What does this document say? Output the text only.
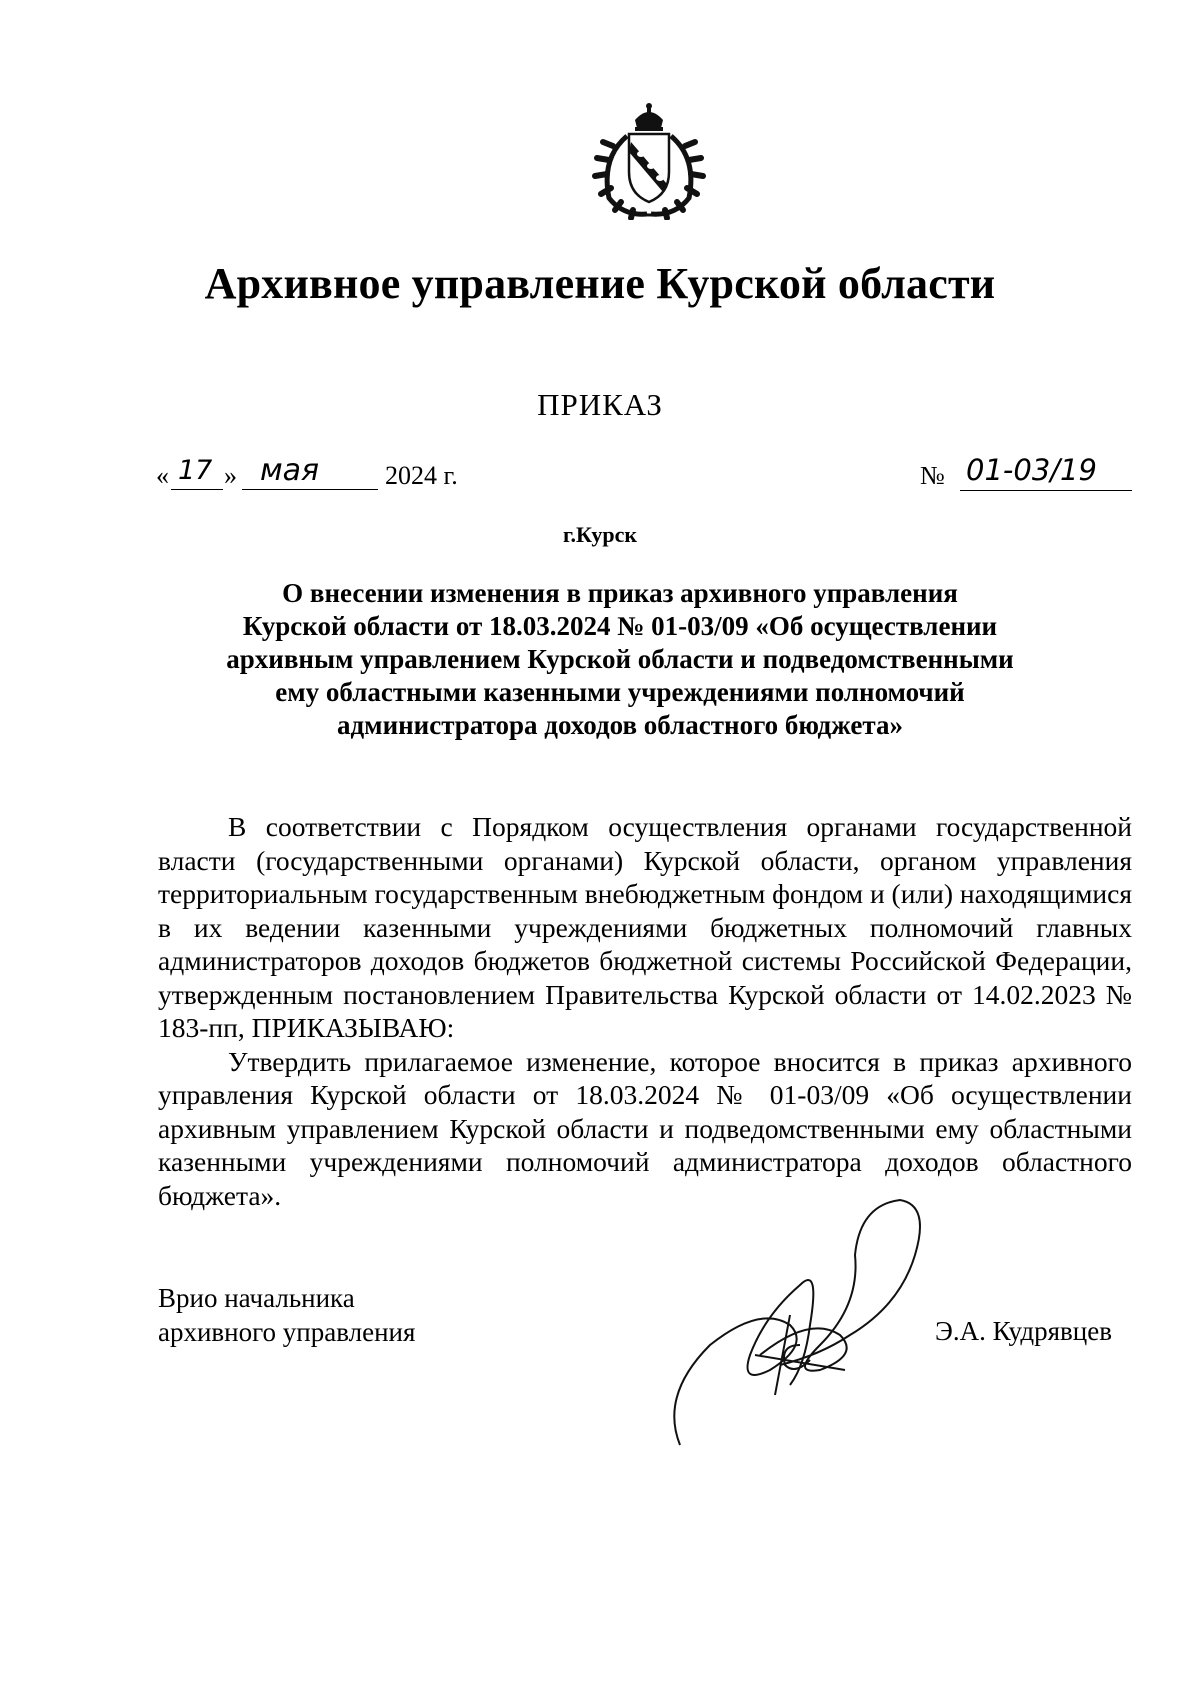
Архивное управление Курской области
ПРИКАЗ
« 17 » мая	2024 г.	№ 01-03/19
г.Курск
О внесении изменения в приказ архивного управления
Курской области от 18.03.2024 № 01-03/09 «Об осуществлении
архивным управлением Курской области и подведомственными
ему областными казенными учреждениями полномочий
администратора доходов областного бюджета»

В соответствии с Порядком осуществления органами государственной власти (государственными органами) Курской области, органом управления территориальным государственным внебюджетным фондом и (или) находящимися в их ведении казенными учреждениями бюджетных полномочий главных администраторов доходов бюджетов бюджетной системы Российской Федерации, утвержденным постановлением Правительства Курской области от 14.02.2023 № 183-пп, ПРИКАЗЫВАЮ:

Утвердить прилагаемое изменение, которое вносится в приказ архивного управления Курской области от 18.03.2024 № 01-03/09 «Об осуществлении архивным управлением Курской области и подведомственными ему областными казенными учреждениями полномочий администратора доходов областного бюджета».

Врио начальника
архивного управления	Э.А. Кудрявцев
